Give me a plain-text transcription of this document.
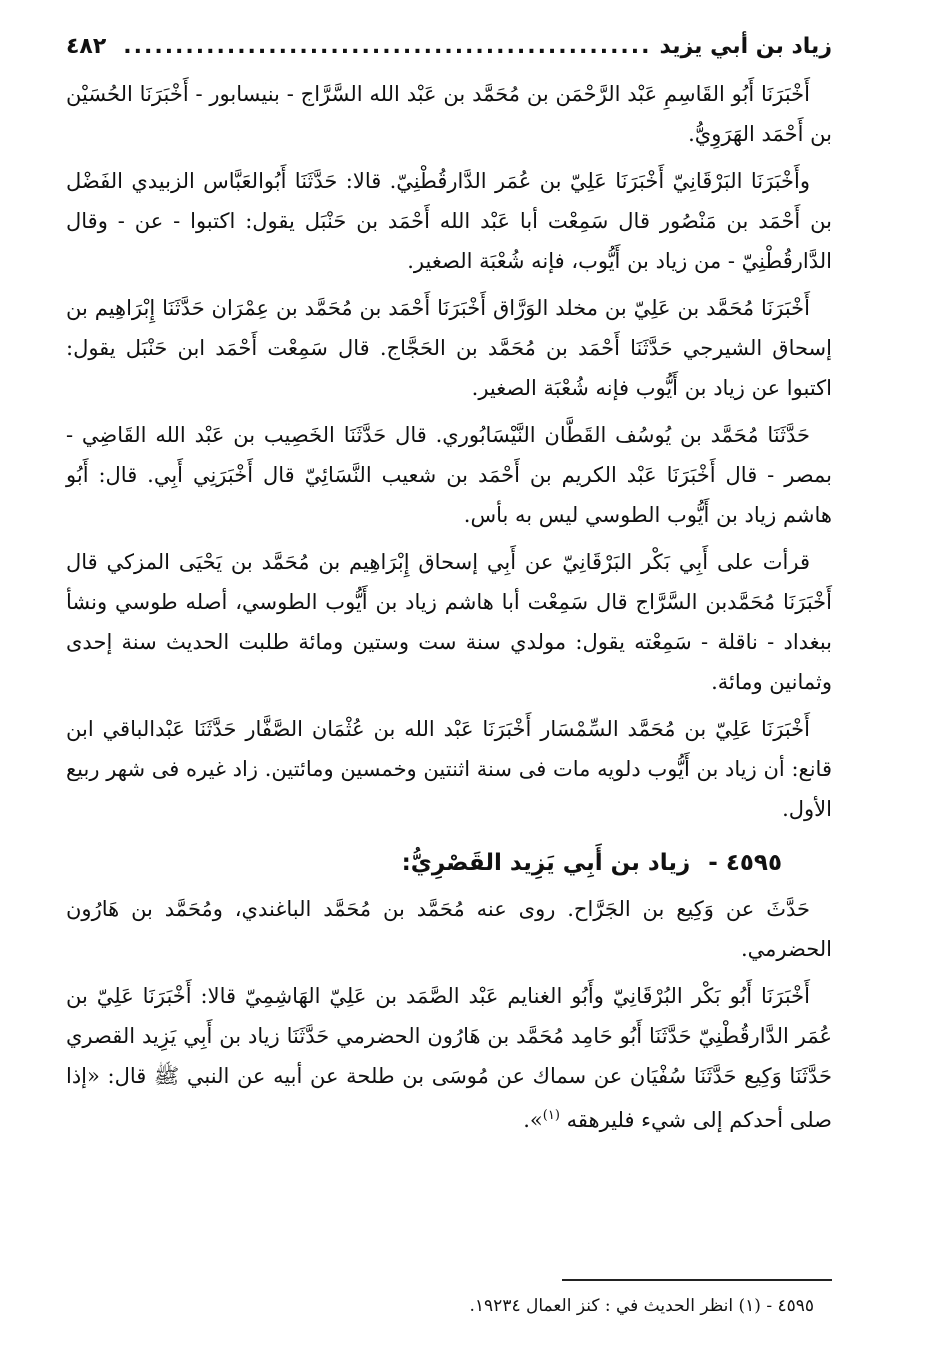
زياد بن أبي يزيد
...................................................
٤٨٢

أَخْبَرَنَا أَبُو القَاسِمِ عَبْد الرَّحْمَن بن مُحَمَّد بن عَبْد الله السَّرَّاج - بنيسابور - أَخْبَرَنَا الحُسَيْن بن أَحْمَد الهَرَوِيُّ.

وأَخْبَرَنَا البَرْقَانِيّ أَخْبَرَنَا عَلِيّ بن عُمَر الدَّارقُطْنِيّ. قالا: حَدَّثَنَا أَبُوالعَبَّاس الزبيدي الفَضْل بن أَحْمَد بن مَنْصُور قال سَمِعْت أبا عَبْد الله أَحْمَد بن حَنْبَل يقول: اكتبوا - عن - وقال الدَّارقُطْنِيّ - من زياد بن أَيُّوب، فإنه شُعْبَة الصغير.

أَخْبَرَنَا مُحَمَّد بن عَلِيّ بن مخلد الوَرَّاق أَخْبَرَنَا أَحْمَد بن مُحَمَّد بن عِمْرَان حَدَّثَنَا إِبْرَاهِيم بن إسحاق الشيرجي حَدَّثَنَا أَحْمَد بن مُحَمَّد بن الحَجَّاج. قال سَمِعْت أَحْمَد ابن حَنْبَل يقول: اكتبوا عن زياد بن أَيُّوب فإنه شُعْبَة الصغير.

حَدَّثَنَا مُحَمَّد بن يُوسُف القَطَّان النَّيْسَابُوري. قال حَدَّثَنَا الخَصِيب بن عَبْد الله القَاضِي - بمصر - قال أَخْبَرَنَا عَبْد الكريم بن أَحْمَد بن شعيب النَّسَائِيّ قال أَخْبَرَنِي أَبِي. قال: أَبُو هاشم زياد بن أَيُّوب الطوسي ليس به بأس.

قرأت على أَبِي بَكْر البَرْقَانِيّ عن أَبِي إسحاق إِبْرَاهِيم بن مُحَمَّد بن يَحْيَى المزكي قال أَخْبَرَنَا مُحَمَّدبن السَّرَّاج قال سَمِعْت أبا هاشم زياد بن أَيُّوب الطوسي، أصله طوسي ونشأ ببغداد - ناقلة - سَمِعْته يقول: مولدي سنة ست وستين ومائة طلبت الحديث سنة إحدى وثمانين ومائة.

أَخْبَرَنَا عَلِيّ بن مُحَمَّد السِّمْسَار أَخْبَرَنَا عَبْد الله بن عُثْمَان الصَّفَّار حَدَّثَنَا عَبْدالباقي ابن قانع: أن زياد بن أَيُّوب دلويه مات فى سنة اثنتين وخمسين ومائتين. زاد غيره فى شهر ربيع الأول.

٤٥٩٥ - زياد بن أَبِي يَزِيد القَصْرِيُّ:

حَدَّثَ عن وَكِيع بن الجَرَّاح. روى عنه مُحَمَّد بن مُحَمَّد الباغندي، ومُحَمَّد بن هَارُون الحضرمي.

أَخْبَرَنَا أَبُو بَكْر البُرْقَانِيّ وأَبُو الغنايم عَبْد الصَّمَد بن عَلِيّ الهَاشِمِيّ قالا: أَخْبَرَنَا عَلِيّ بن عُمَر الدَّارقُطْنِيّ حَدَّثَنَا أَبُو حَامِد مُحَمَّد بن هَارُون الحضرمي حَدَّثَنَا زياد بن أَبِي يَزِيد القصري حَدَّثَنَا وَكِيع حَدَّثَنَا سُفْيَان عن سماك عن مُوسَى بن طلحة عن أبيه عن النبي ﷺ قال: «إذا صلى أحدكم إلى شيء فليرهقه $^{(١)}$».

٤٥٩٥ - (١) انظر الحديث في : كنز العمال ١٩٢٣٤.
